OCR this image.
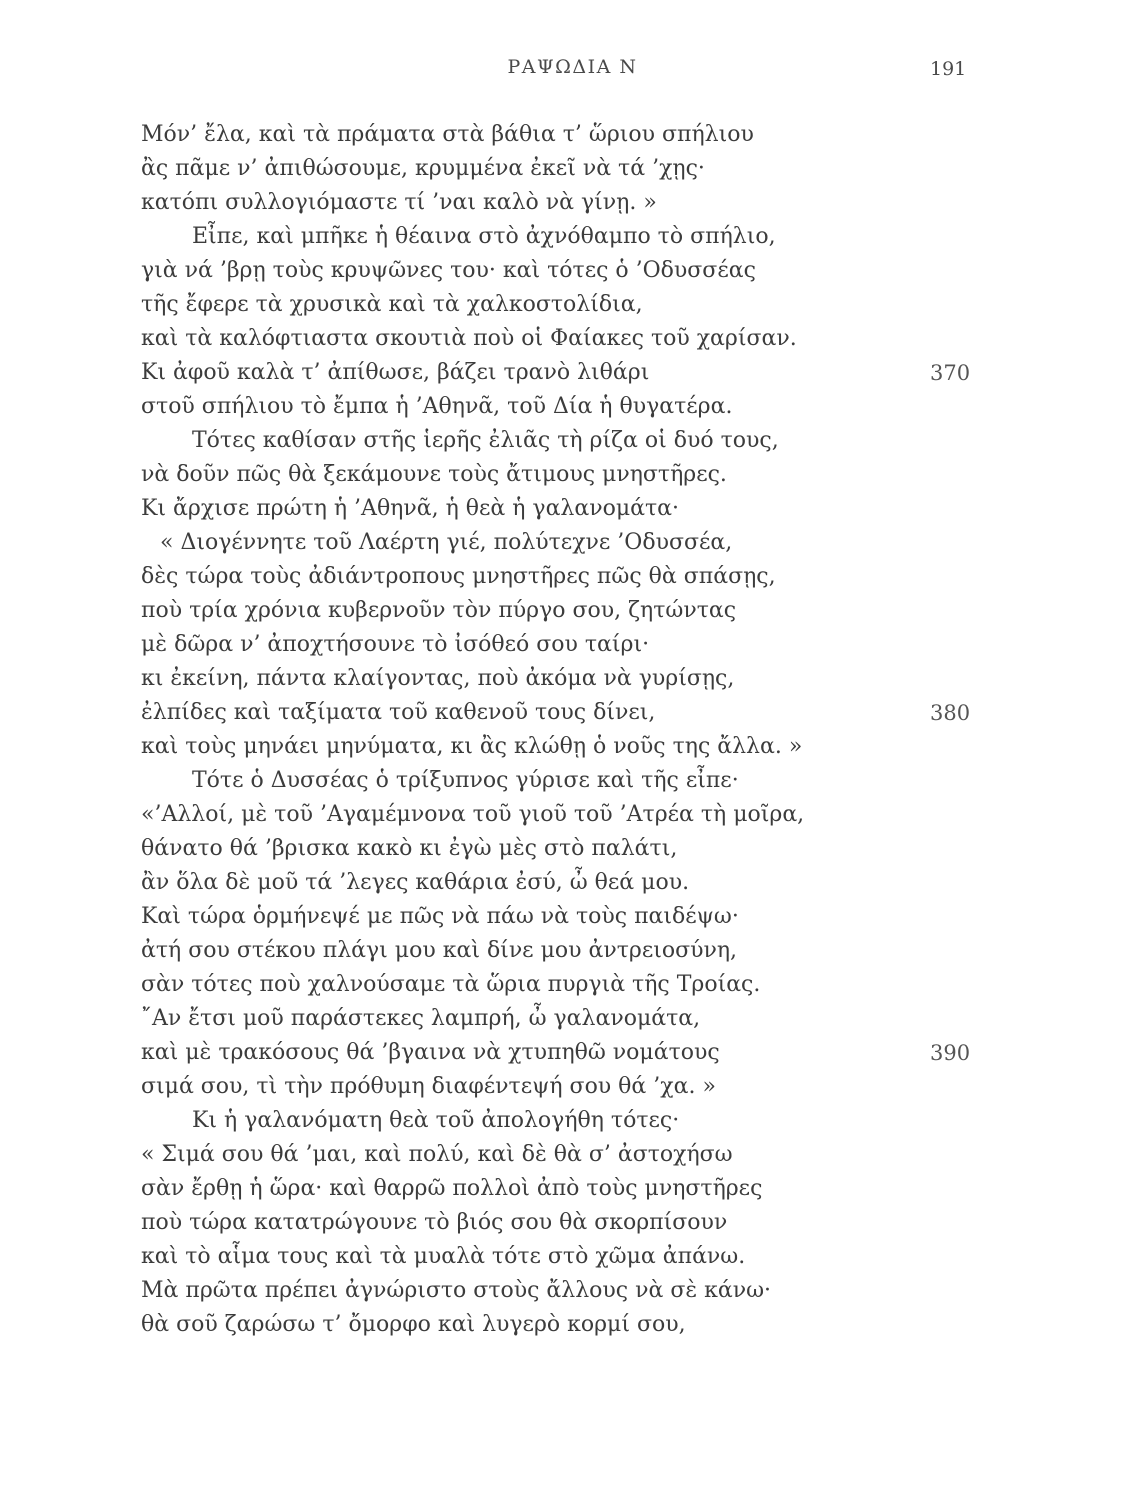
ΡΑΨΩΔΙΑ Ν	191
Μόν’ ἔλα, καὶ τὰ πράματα στὰ βάθια τ’ ὥριου σπήλιου
ἂς πᾶμε ν’ ἀπιθώσουμε, κρυμμένα ἐκεῖ νὰ τά ’χῃς·
κατόπι συλλογιόμαστε τί ’ναι καλὸ νὰ γίνῃ. »
Εἶπε, καὶ μπῆκε ἡ θέαινα στὸ ἀχνόθαμπο τὸ σπήλιο,
γιὰ νά ’βρῃ τοὺς κρυψῶνες του· καὶ τότες ὁ ’Οδυσσέας
τῆς ἔφερε τὰ χρυσικὰ καὶ τὰ χαλκοστολίδια,
καὶ τὰ καλόφτιαστα σκουτιὰ ποὺ οἱ Φαίακες τοῦ χαρίσαν.
Κι ἀφοῦ καλὰ τ’ ἀπίθωσε, βάζει τρανὸ λιθάρι	370
στοῦ σπήλιου τὸ ἔμπα ἡ ’Αθηνᾶ, τοῦ Δία ἡ θυγατέρα.
Τότες καθίσαν στῆς ἱερῆς ἐλιᾶς τὴ ρίζα οἱ δυό τους,
νὰ δοῦν πῶς θὰ ξεκάμουνε τοὺς ἄτιμους μνηστῆρες.
Κι ἄρχισε πρώτη ἡ ’Αθηνᾶ, ἡ θεὰ ἡ γαλανομάτα·
« Διογέννητε τοῦ Λαέρτη γιέ, πολύτεχνε ’Οδυσσέα,
δὲς τώρα τοὺς ἀδιάντροπους μνηστῆρες πῶς θὰ σπάσῃς,
ποὺ τρία χρόνια κυβερνοῦν τὸν πύργο σου, ζητώντας
μὲ δῶρα ν’ ἀποχτήσουνε τὸ ἰσόθεό σου ταίρι·
κι ἐκείνη, πάντα κλαίγοντας, ποὺ ἀκόμα νὰ γυρίσῃς,
ἐλπίδες καὶ ταξίματα τοῦ καθενοῦ τους δίνει,	380
καὶ τοὺς μηνάει μηνύματα, κι ἂς κλώθῃ ὁ νοῦς της ἄλλα. »
Τότε ὁ Δυσσέας ὁ τρίξυπνος γύρισε καὶ τῆς εἶπε·
«’Αλλοί, μὲ τοῦ ’Αγαμέμνονα τοῦ γιοῦ τοῦ ’Ατρέα τὴ μοῖρα,
θάνατο θά ’βρισκα κακὸ κι ἐγὼ μὲς στὸ παλάτι,
ἂν ὅλα δὲ μοῦ τά ’λεγες καθάρια ἐσύ, ὦ θεά μου.
Καὶ τώρα ὁρμήνεψέ με πῶς νὰ πάω νὰ τοὺς παιδέψω·
ἀτή σου στέκου πλάγι μου καὶ δίνε μου ἀντρειοσύνη,
σὰν τότες ποὺ χαλνούσαμε τὰ ὥρια πυργιὰ τῆς Τροίας.
῎Αν ἔτσι μοῦ παράστεκες λαμπρή, ὦ γαλανομάτα,
καὶ μὲ τρακόσους θά ’βγαινα νὰ χτυπηθῶ νομάτους	390
σιμά σου, τὶ τὴν πρόθυμη διαφέντεψή σου θά ’χα. »
Κι ἡ γαλανόματη θεὰ τοῦ ἀπολογήθη τότες·
« Σιμά σου θά ’μαι, καὶ πολύ, καὶ δὲ θὰ σ’ ἀστοχήσω
σὰν ἔρθῃ ἡ ὥρα· καὶ θαρρῶ πολλοὶ ἀπὸ τοὺς μνηστῆρες
ποὺ τώρα κατατρώγουνε τὸ βιός σου θὰ σκορπίσουν
καὶ τὸ αἷμα τους καὶ τὰ μυαλὰ τότε στὸ χῶμα ἀπάνω.
Μὰ πρῶτα πρέπει ἀγνώριστο στοὺς ἄλλους νὰ σὲ κάνω·
θὰ σοῦ ζαρώσω τ’ ὄμορφο καὶ λυγερὸ κορμί σου,
